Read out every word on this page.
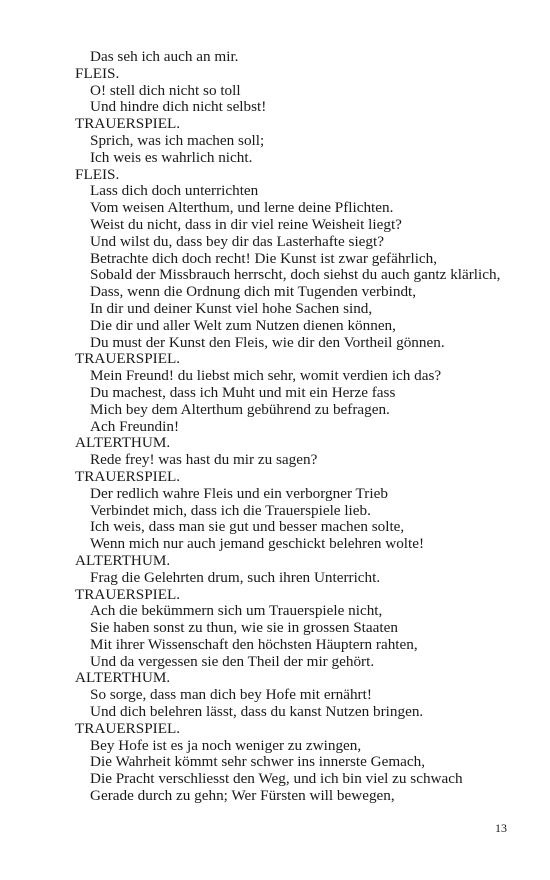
Das seh ich auch an mir.
FLEIS.
O! stell dich nicht so toll
Und hindre dich nicht selbst!
TRAUERSPIEL.
Sprich, was ich machen soll;
Ich weis es wahrlich nicht.
FLEIS.
Lass dich doch unterrichten
Vom weisen Alterthum, und lerne deine Pflichten.
Weist du nicht, dass in dir viel reine Weisheit liegt?
Und wilst du, dass bey dir das Lasterhafte siegt?
Betrachte dich doch recht! Die Kunst ist zwar gefährlich,
Sobald der Missbrauch herrscht, doch siehst du auch gantz klärlich,
Dass, wenn die Ordnung dich mit Tugenden verbindt,
In dir und deiner Kunst viel hohe Sachen sind,
Die dir und aller Welt zum Nutzen dienen können,
Du must der Kunst den Fleis, wie dir den Vortheil gönnen.
TRAUERSPIEL.
Mein Freund! du liebst mich sehr, womit verdien ich das?
Du machest, dass ich Muht und mit ein Herze fass
Mich bey dem Alterthum gebührend zu befragen.
Ach Freundin!
ALTERTHUM.
Rede frey! was hast du mir zu sagen?
TRAUERSPIEL.
Der redlich wahre Fleis und ein verborgner Trieb
Verbindet mich, dass ich die Trauerspiele lieb.
Ich weis, dass man sie gut und besser machen solte,
Wenn mich nur auch jemand geschickt belehren wolte!
ALTERTHUM.
Frag die Gelehrten drum, such ihren Unterricht.
TRAUERSPIEL.
Ach die bekümmern sich um Trauerspiele nicht,
Sie haben sonst zu thun, wie sie in grossen Staaten
Mit ihrer Wissenschaft den höchsten Häuptern rahten,
Und da vergessen sie den Theil der mir gehört.
ALTERTHUM.
So sorge, dass man dich bey Hofe mit ernährt!
Und dich belehren lässt, dass du kanst Nutzen bringen.
TRAUERSPIEL.
Bey Hofe ist es ja noch weniger zu zwingen,
Die Wahrheit kömmt sehr schwer ins innerste Gemach,
Die Pracht verschliesst den Weg, und ich bin viel zu schwach
Gerade durch zu gehn; Wer Fürsten will bewegen,
13
